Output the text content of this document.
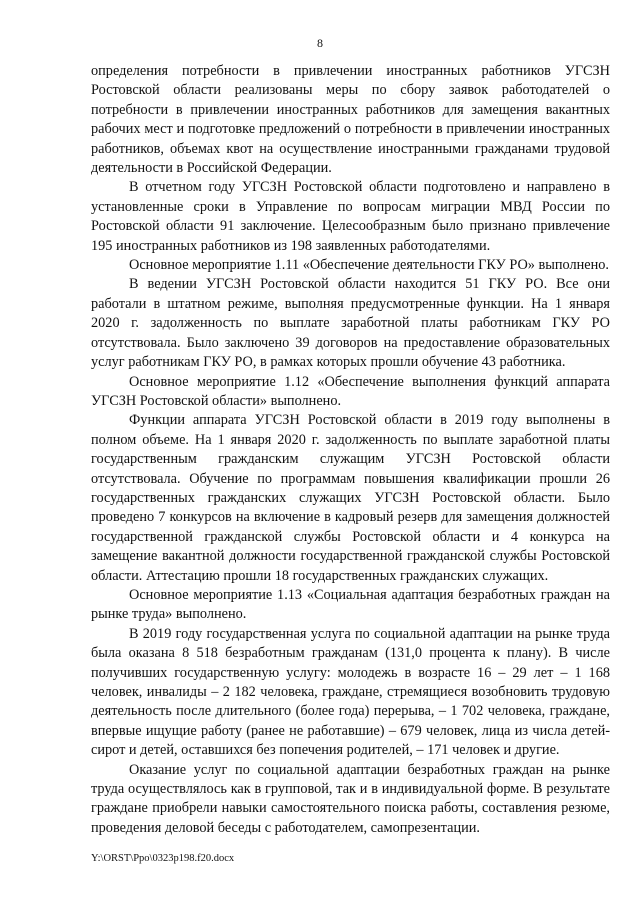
8

определения потребности в привлечении иностранных работников УГСЗН Ростовской области реализованы меры по сбору заявок работодателей о потребности в привлечении иностранных работников для замещения вакантных рабочих мест и подготовке предложений о потребности в привлечении иностранных работников, объемах квот на осуществление иностранными гражданами трудовой деятельности в Российской Федерации.

В отчетном году УГСЗН Ростовской области подготовлено и направлено в установленные сроки в Управление по вопросам миграции МВД России по Ростовской области 91 заключение. Целесообразным было признано привлечение 195 иностранных работников из 198 заявленных работодателями.

Основное мероприятие 1.11 «Обеспечение деятельности ГКУ РО» выполнено.

В ведении УГСЗН Ростовской области находится 51 ГКУ РО. Все они работали в штатном режиме, выполняя предусмотренные функции. На 1 января 2020 г. задолженность по выплате заработной платы работникам ГКУ РО отсутствовала. Было заключено 39 договоров на предоставление образовательных услуг работникам ГКУ РО, в рамках которых прошли обучение 43 работника.

Основное мероприятие 1.12 «Обеспечение выполнения функций аппарата УГСЗН Ростовской области» выполнено.

Функции аппарата УГСЗН Ростовской области в 2019 году выполнены в полном объеме. На 1 января 2020 г. задолженность по выплате заработной платы государственным гражданским служащим УГСЗН Ростовской области отсутствовала. Обучение по программам повышения квалификации прошли 26 государственных гражданских служащих УГСЗН Ростовской области. Было проведено 7 конкурсов на включение в кадровый резерв для замещения должностей государственной гражданской службы Ростовской области и 4 конкурса на замещение вакантной должности государственной гражданской службы Ростовской области. Аттестацию прошли 18 государственных гражданских служащих.

Основное мероприятие 1.13 «Социальная адаптация безработных граждан на рынке труда» выполнено.

В 2019 году государственная услуга по социальной адаптации на рынке труда была оказана 8 518 безработным гражданам (131,0 процента к плану). В числе получивших государственную услугу: молодежь в возрасте 16 – 29 лет – 1 168 человек, инвалиды – 2 182 человека, граждане, стремящиеся возобновить трудовую деятельность после длительного (более года) перерыва, – 1 702 человека, граждане, впервые ищущие работу (ранее не работавшие) – 679 человек, лица из числа детей-сирот и детей, оставшихся без попечения родителей, – 171 человек и другие.

Оказание услуг по социальной адаптации безработных граждан на рынке труда осуществлялось как в групповой, так и в индивидуальной форме. В результате граждане приобрели навыки самостоятельного поиска работы, составления резюме, проведения деловой беседы с работодателем, самопрезентации.

Y:\ORST\Ppo\0323p198.f20.docx
